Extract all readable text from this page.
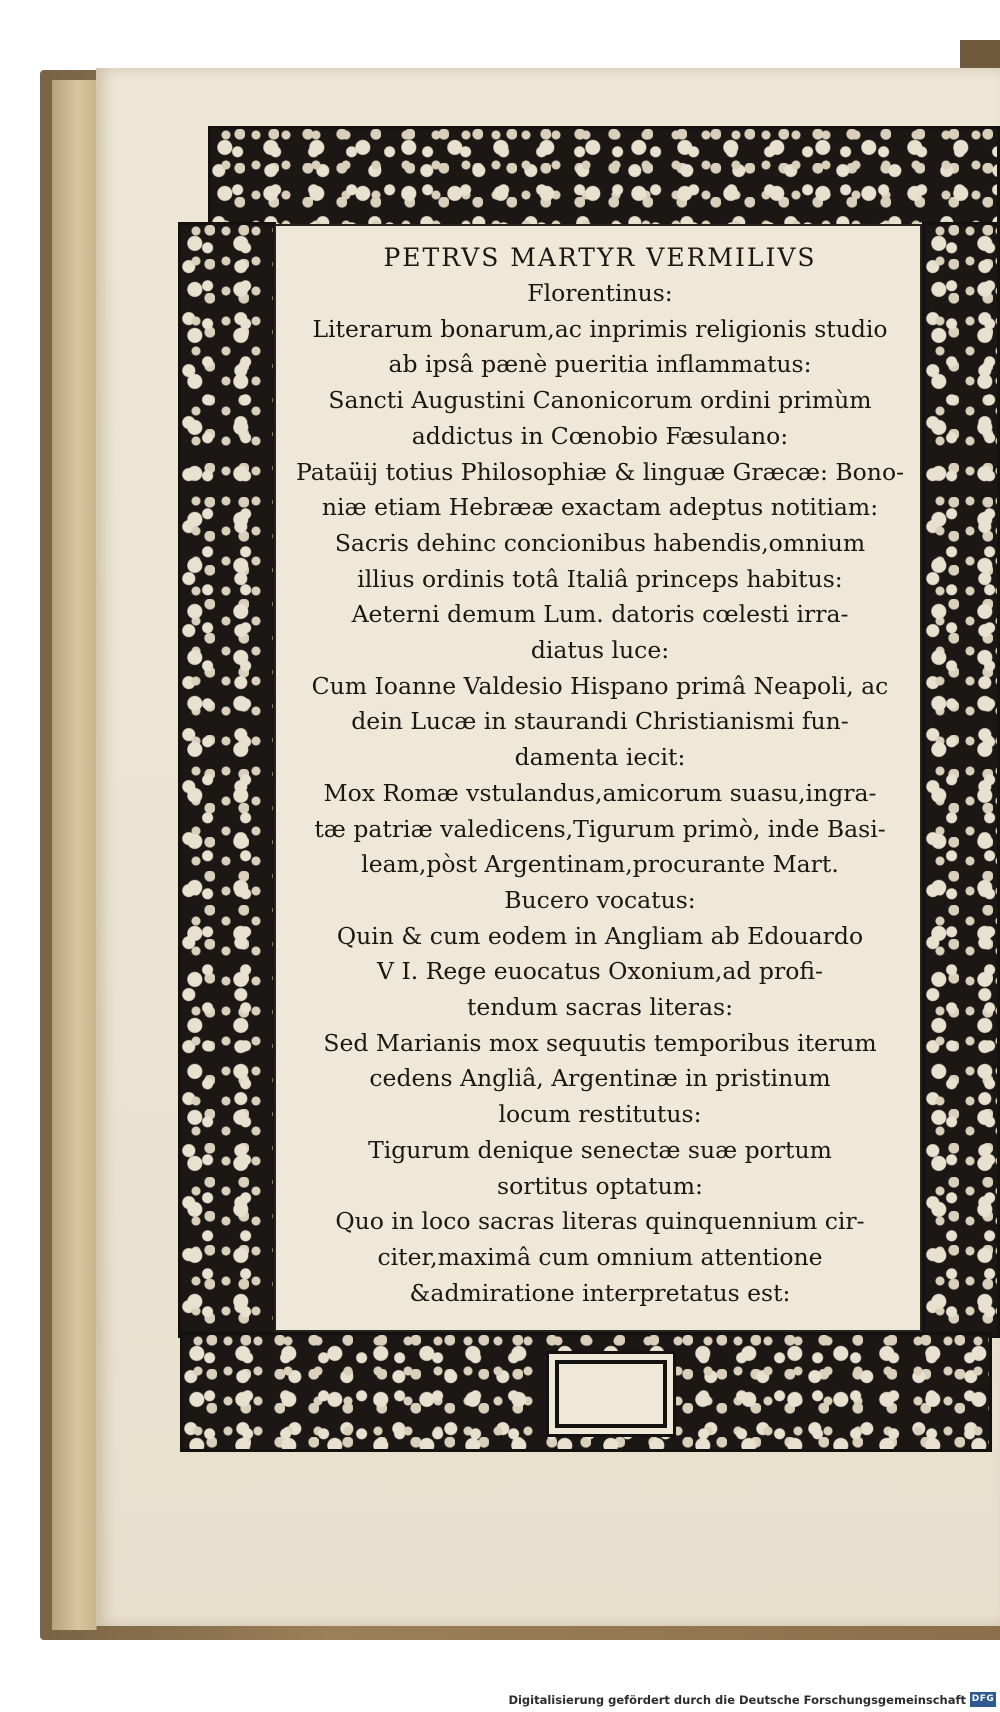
PETRVS MARTYR VERMILIVS

Florentinus:

Literarum bonarum,ac inprimis religionis studio

ab ipsâ pænè pueritia inflammatus:

Sancti Augustini Canonicorum ordini primùm

addictus in Cœnobio Fæsulano:

Pataüij totius Philosophiæ & linguæ Græcæ: Bono-

niæ etiam Hebrææ exactam adeptus notitiam:

Sacris dehinc concionibus habendis,omnium

illius ordinis totâ Italiâ princeps habitus:

Aeterni demum Lum. datoris cœlesti irra-

diatus luce:

Cum Ioanne Valdesio Hispano primâ Neapoli, ac

dein Lucæ in staurandi Christianismi fun-

damenta iecit:

Mox Romæ vstulandus,amicorum suasu,ingra-

tæ patriæ valedicens,Tigurum primò, inde Basi-

leam,pòst Argentinam,procurante Mart.

Bucero vocatus:

Quin & cum eodem in Angliam ab Edouardo

V I. Rege euocatus Oxonium,ad profi-

tendum sacras literas:

Sed Marianis mox sequutis temporibus iterum

cedens Angliâ, Argentinæ in pristinum

locum restitutus:

Tigurum denique senectæ suæ portum

sortitus optatum:

Quo in loco sacras literas quinquennium cir-

citer,maximâ cum omnium attentione

&admiratione interpretatus est:

Digitalisierung gefördert durch die Deutsche Forschungsgemeinschaft DFG
